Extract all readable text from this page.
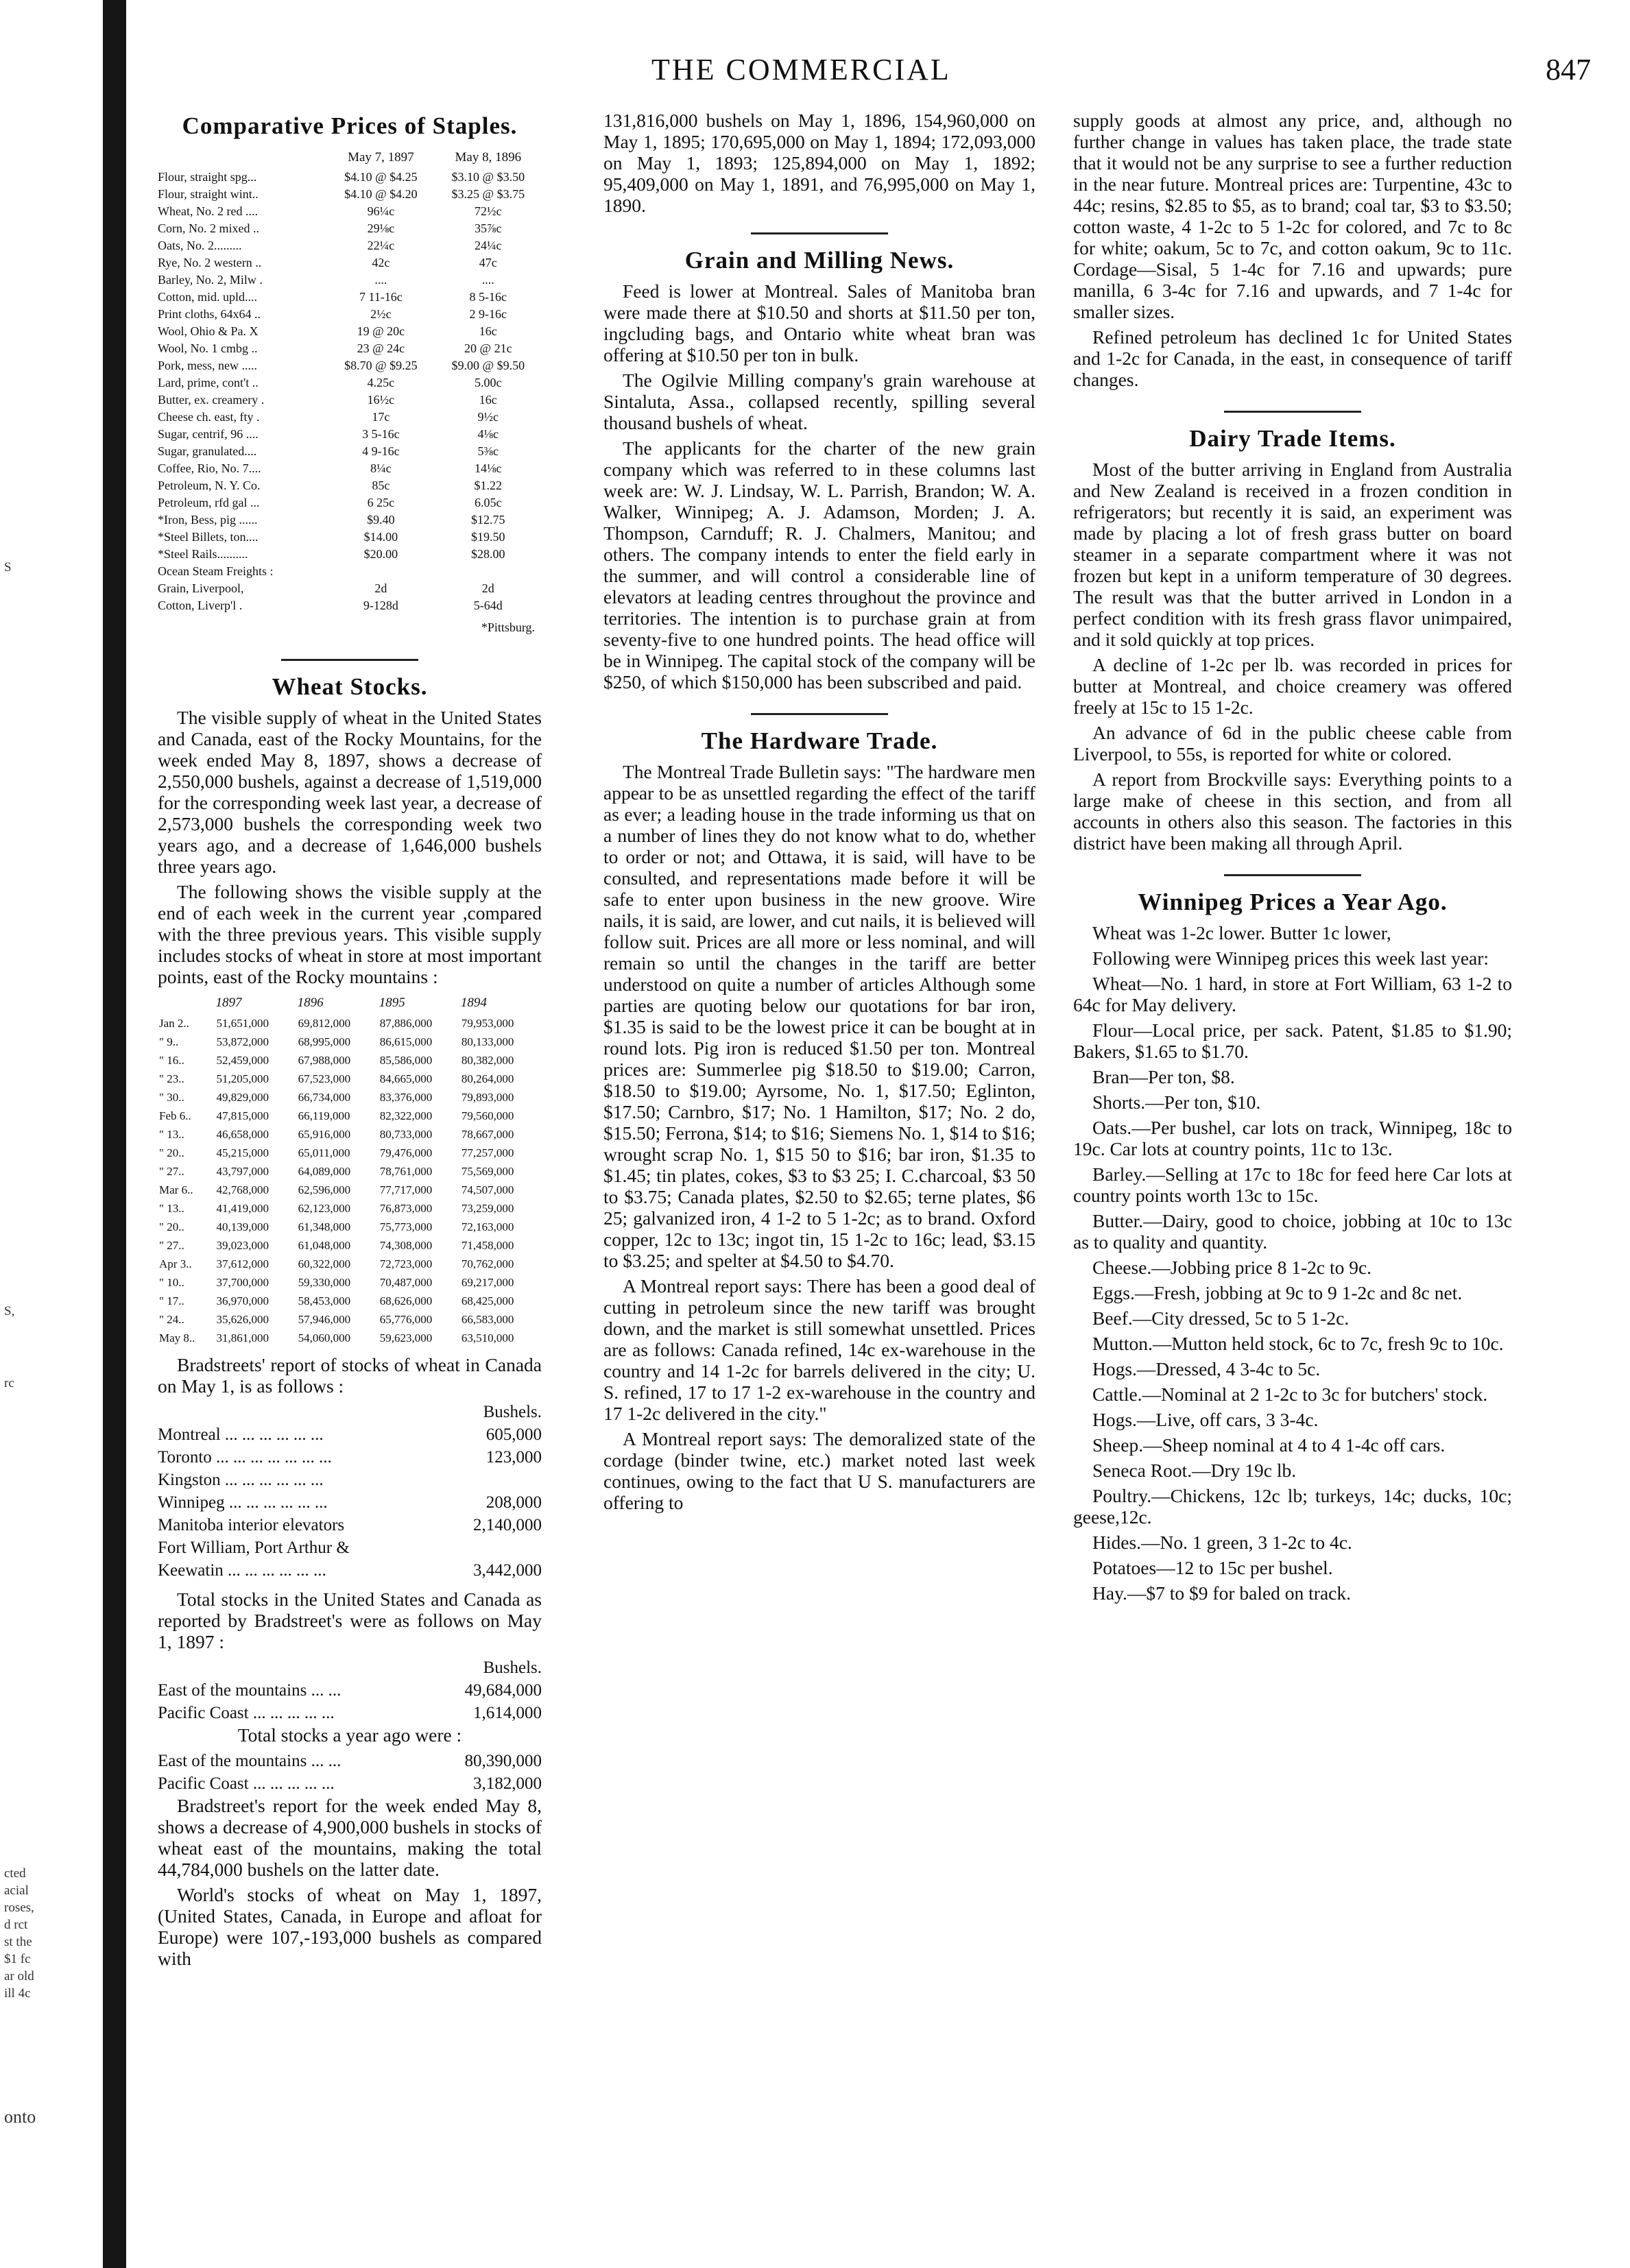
S
S,
rc
cted
acial
roses,
d rct
st the
$1 fc
ar old
ill 4c
onto
THE COMMERCIAL	847
Comparative Prices of Staples.
	May 7, 1897	May 8, 1896
Flour, straight spg...	$4.10 @ $4.25	$3.10 @ $3.50
Flour, straight wint..	$4.10 @ $4.20	$3.25 @ $3.75
Wheat, No. 2 red ....	96¼c	72½c
Corn, No. 2 mixed ..	29⅛c	35⅞c
Oats, No. 2.........	22¼c	24¼c
Rye, No. 2 western ..	42c	47c
Barley, No. 2, Milw .	....	....
Cotton, mid. upld....	7 11-16c	8 5-16c
Print cloths, 64x64 ..	2½c	2 9-16c
Wool, Ohio & Pa. X	19 @ 20c	16c
Wool, No. 1 cmbg ..	23 @ 24c	20 @ 21c
Pork, mess, new .....	$8.70 @ $9.25	$9.00 @ $9.50
Lard, prime, cont't ..	4.25c	5.00c
Butter, ex. creamery .	16½c	16c
Cheese ch. east, fty .	17c	9½c
Sugar, centrif, 96 ....	3 5-16c	4⅛c
Sugar, granulated....	4 9-16c	5⅜c
Coffee, Rio, No. 7....	8¼c	14⅛c
Petroleum, N. Y. Co.	85c	$1.22
Petroleum, rfd gal ...	6 25c	6.05c
*Iron, Bess, pig ......	$9.40	$12.75
*Steel Billets, ton....	$14.00	$19.50
*Steel Rails..........	$20.00	$28.00
Ocean Steam Freights :		
Grain, Liverpool,	2d	2d
Cotton, Liverp'l .	9-128d	5-64d
*Pittsburg.
Wheat Stocks.

The visible supply of wheat in the United States and Canada, east of the Rocky Mountains, for the week ended May 8, 1897, shows a decrease of 2,550,000 bushels, against a decrease of 1,519,000 for the corresponding week last year, a decrease of 2,573,000 bushels the corresponding week two years ago, and a decrease of 1,646,000 bushels three years ago.

The following shows the visible supply at the end of each week in the current year ,compared with the three previous years. This visible supply includes stocks of wheat in store at most important points, east of the Rocky mountains :

	1897	1896	1895	1894
Jan 2..	51,651,000	69,812,000	87,886,000	79,953,000
" 9..	53,872,000	68,995,000	86,615,000	80,133,000
" 16..	52,459,000	67,988,000	85,586,000	80,382,000
" 23..	51,205,000	67,523,000	84,665,000	80,264,000
" 30..	49,829,000	66,734,000	83,376,000	79,893,000
Feb 6..	47,815,000	66,119,000	82,322,000	79,560,000
" 13..	46,658,000	65,916,000	80,733,000	78,667,000
" 20..	45,215,000	65,011,000	79,476,000	77,257,000
" 27..	43,797,000	64,089,000	78,761,000	75,569,000
Mar 6..	42,768,000	62,596,000	77,717,000	74,507,000
" 13..	41,419,000	62,123,000	76,873,000	73,259,000
" 20..	40,139,000	61,348,000	75,773,000	72,163,000
" 27..	39,023,000	61,048,000	74,308,000	71,458,000
Apr 3..	37,612,000	60,322,000	72,723,000	70,762,000
" 10..	37,700,000	59,330,000	70,487,000	69,217,000
" 17..	36,970,000	58,453,000	68,626,000	68,425,000
" 24..	35,626,000	57,946,000	65,776,000	66,583,000
May 8..	31,861,000	54,060,000	59,623,000	63,510,000

Bradstreets' report of stocks of wheat in Canada on May 1, is as follows :

	Bushels.
Montreal ... ... ... ... ... ...	605,000
Toronto ... ... ... ... ... ... ...	123,000
Kingston ... ... ... ... ... ...	
Winnipeg ... ... ... ... ... ...	208,000
Manitoba interior elevators	2,140,000
Fort William, Port Arthur &	
Keewatin ... ... ... ... ... ...	3,442,000

Total stocks in the United States and Canada as reported by Bradstreet's were as follows on May 1, 1897 :

	Bushels.
East of the mountains ... ...	49,684,000
Pacific Coast ... ... ... ... ...	1,614,000

Total stocks a year ago were :

East of the mountains ... ...	80,390,000
Pacific Coast ... ... ... ... ...	3,182,000

Bradstreet's report for the week ended May 8, shows a decrease of 4,900,000 bushels in stocks of wheat east of the mountains, making the total 44,784,000 bushels on the latter date.

World's stocks of wheat on May 1, 1897, (United States, Canada, in Europe and afloat for Europe) were 107,-193,000 bushels as compared with

131,816,000 bushels on May 1, 1896, 154,960,000 on May 1, 1895; 170,695,000 on May 1, 1894; 172,093,000 on May 1, 1893; 125,894,000 on May 1, 1892; 95,409,000 on May 1, 1891, and 76,995,000 on May 1, 1890.

Grain and Milling News.

Feed is lower at Montreal. Sales of Manitoba bran were made there at $10.50 and shorts at $11.50 per ton, ingcluding bags, and Ontario white wheat bran was offering at $10.50 per ton in bulk.

The Ogilvie Milling company's grain warehouse at Sintaluta, Assa., collapsed recently, spilling several thousand bushels of wheat.

The applicants for the charter of the new grain company which was referred to in these columns last week are: W. J. Lindsay, W. L. Parrish, Brandon; W. A. Walker, Winnipeg; A. J. Adamson, Morden; J. A. Thompson, Carnduff; R. J. Chalmers, Manitou; and others. The company intends to enter the field early in the summer, and will control a considerable line of elevators at leading centres throughout the province and territories. The intention is to purchase grain at from seventy-five to one hundred points. The head office will be in Winnipeg. The capital stock of the company will be $250, of which $150,000 has been subscribed and paid.

The Hardware Trade.

The Montreal Trade Bulletin says: "The hardware men appear to be as unsettled regarding the effect of the tariff as ever; a leading house in the trade informing us that on a number of lines they do not know what to do, whether to order or not; and Ottawa, it is said, will have to be consulted, and representations made before it will be safe to enter upon business in the new groove. Wire nails, it is said, are lower, and cut nails, it is believed will follow suit. Prices are all more or less nominal, and will remain so until the changes in the tariff are better understood on quite a number of articles Although some parties are quoting below our quotations for bar iron, $1.35 is said to be the lowest price it can be bought at in round lots. Pig iron is reduced $1.50 per ton. Montreal prices are: Summerlee pig $18.50 to $19.00; Carron, $18.50 to $19.00; Ayrsome, No. 1, $17.50; Eglinton, $17.50; Carnbro, $17; No. 1 Hamilton, $17; No. 2 do, $15.50; Ferrona, $14; to $16; Siemens No. 1, $14 to $16; wrought scrap No. 1, $15 50 to $16; bar iron, $1.35 to $1.45; tin plates, cokes, $3 to $3 25; I. C.charcoal, $3 50 to $3.75; Canada plates, $2.50 to $2.65; terne plates, $6 25; galvanized iron, 4 1-2 to 5 1-2c; as to brand. Oxford copper, 12c to 13c; ingot tin, 15 1-2c to 16c; lead, $3.15 to $3.25; and spelter at $4.50 to $4.70.

A Montreal report says: There has been a good deal of cutting in petroleum since the new tariff was brought down, and the market is still somewhat unsettled. Prices are as follows: Canada refined, 14c ex-warehouse in the country and 14 1-2c for barrels delivered in the city; U. S. refined, 17 to 17 1-2 ex-warehouse in the country and 17 1-2c delivered in the city."

A Montreal report says: The demoralized state of the cordage (binder twine, etc.) market noted last week continues, owing to the fact that U S. manufacturers are offering to

supply goods at almost any price, and, although no further change in values has taken place, the trade state that it would not be any surprise to see a further reduction in the near future. Montreal prices are: Turpentine, 43c to 44c; resins, $2.85 to $5, as to brand; coal tar, $3 to $3.50; cotton waste, 4 1-2c to 5 1-2c for colored, and 7c to 8c for white; oakum, 5c to 7c, and cotton oakum, 9c to 11c. Cordage—Sisal, 5 1-4c for 7.16 and upwards; pure manilla, 6 3-4c for 7.16 and upwards, and 7 1-4c for smaller sizes.

Refined petroleum has declined 1c for United States and 1-2c for Canada, in the east, in consequence of tariff changes.

Dairy Trade Items.

Most of the butter arriving in England from Australia and New Zealand is received in a frozen condition in refrigerators; but recently it is said, an experiment was made by placing a lot of fresh grass butter on board steamer in a separate compartment where it was not frozen but kept in a uniform temperature of 30 degrees. The result was that the butter arrived in London in a perfect condition with its fresh grass flavor unimpaired, and it sold quickly at top prices.

A decline of 1-2c per lb. was recorded in prices for butter at Montreal, and choice creamery was offered freely at 15c to 15 1-2c.

An advance of 6d in the public cheese cable from Liverpool, to 55s, is reported for white or colored.

A report from Brockville says: Everything points to a large make of cheese in this section, and from all accounts in others also this season. The factories in this district have been making all through April.

Winnipeg Prices a Year Ago.

Wheat was 1-2c lower. Butter 1c lower,

Following were Winnipeg prices this week last year:

Wheat—No. 1 hard, in store at Fort William, 63 1-2 to 64c for May delivery.

Flour—Local price, per sack. Patent, $1.85 to $1.90; Bakers, $1.65 to $1.70.

Bran—Per ton, $8.

Shorts.—Per ton, $10.

Oats.—Per bushel, car lots on track, Winnipeg, 18c to 19c. Car lots at country points, 11c to 13c.

Barley.—Selling at 17c to 18c for feed here Car lots at country points worth 13c to 15c.

Butter.—Dairy, good to choice, jobbing at 10c to 13c as to quality and quantity.

Cheese.—Jobbing price 8 1-2c to 9c.

Eggs.—Fresh, jobbing at 9c to 9 1-2c and 8c net.

Beef.—City dressed, 5c to 5 1-2c.

Mutton.—Mutton held stock, 6c to 7c, fresh 9c to 10c.

Hogs.—Dressed, 4 3-4c to 5c.

Cattle.—Nominal at 2 1-2c to 3c for butchers' stock.

Hogs.—Live, off cars, 3 3-4c.

Sheep.—Sheep nominal at 4 to 4 1-4c off cars.

Seneca Root.—Dry 19c lb.

Poultry.—Chickens, 12c lb; turkeys, 14c; ducks, 10c; geese,12c.

Hides.—No. 1 green, 3 1-2c to 4c.

Potatoes—12 to 15c per bushel.

Hay.—$7 to $9 for baled on track.
